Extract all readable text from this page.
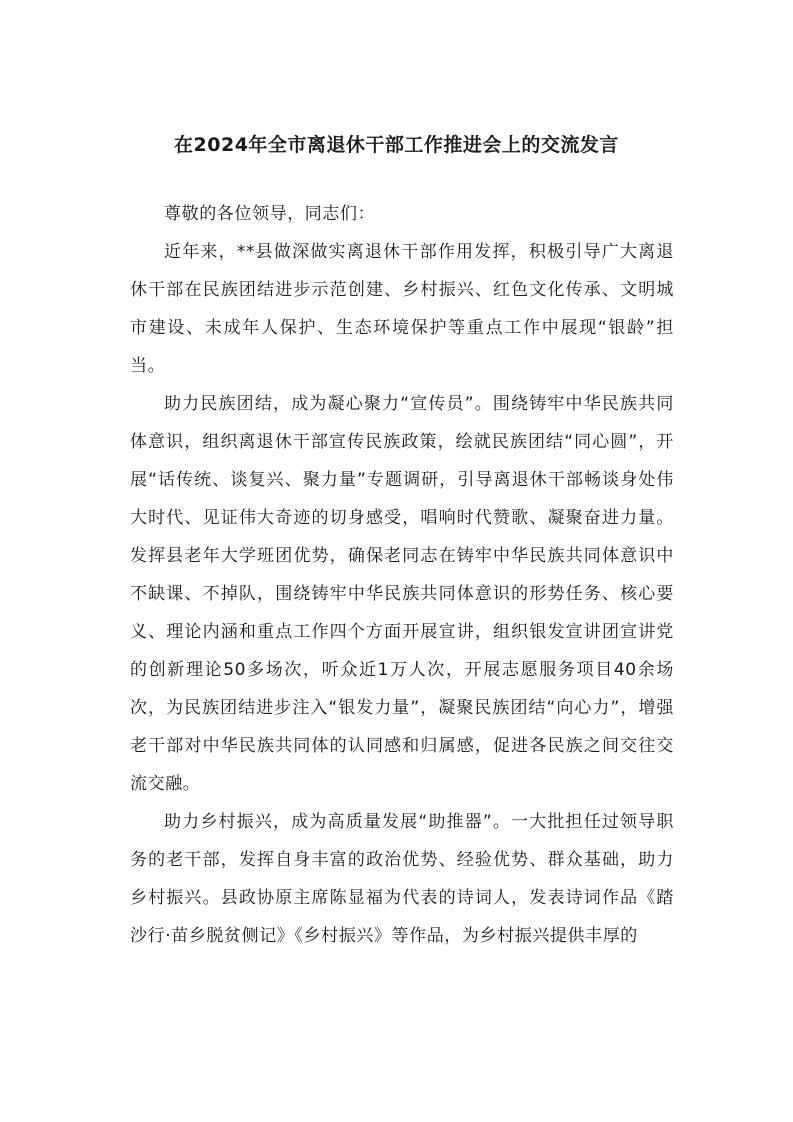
在2024年全市离退休干部工作推进会上的交流发言

尊敬的各位领导，同志们：

近年来，**县做深做实离退休干部作用发挥，积极引导广大离退休干部在民族团结进步示范创建、乡村振兴、红色文化传承、文明城市建设、未成年人保护、生态环境保护等重点工作中展现“银龄”担当。

助力民族团结，成为凝心聚力“宣传员”。围绕铸牢中华民族共同体意识，组织离退休干部宣传民族政策，绘就民族团结“同心圆”，开展“话传统、谈复兴、聚力量”专题调研，引导离退休干部畅谈身处伟大时代、见证伟大奇迹的切身感受，唱响时代赞歌、凝聚奋进力量。发挥县老年大学班团优势，确保老同志在铸牢中华民族共同体意识中不缺课、不掉队，围绕铸牢中华民族共同体意识的形势任务、核心要义、理论内涵和重点工作四个方面开展宣讲，组织银发宣讲团宣讲党的创新理论50多场次，听众近1万人次，开展志愿服务项目40余场次，为民族团结进步注入“银发力量”，凝聚民族团结“向心力”，增强老干部对中华民族共同体的认同感和归属感，促进各民族之间交往交流交融。

助力乡村振兴，成为高质量发展“助推器”。一大批担任过领导职务的老干部，发挥自身丰富的政治优势、经验优势、群众基础，助力乡村振兴。县政协原主席陈显福为代表的诗词人，发表诗词作品《踏沙行·苗乡脱贫侧记》《乡村振兴》等作品，为乡村振兴提供丰厚的
